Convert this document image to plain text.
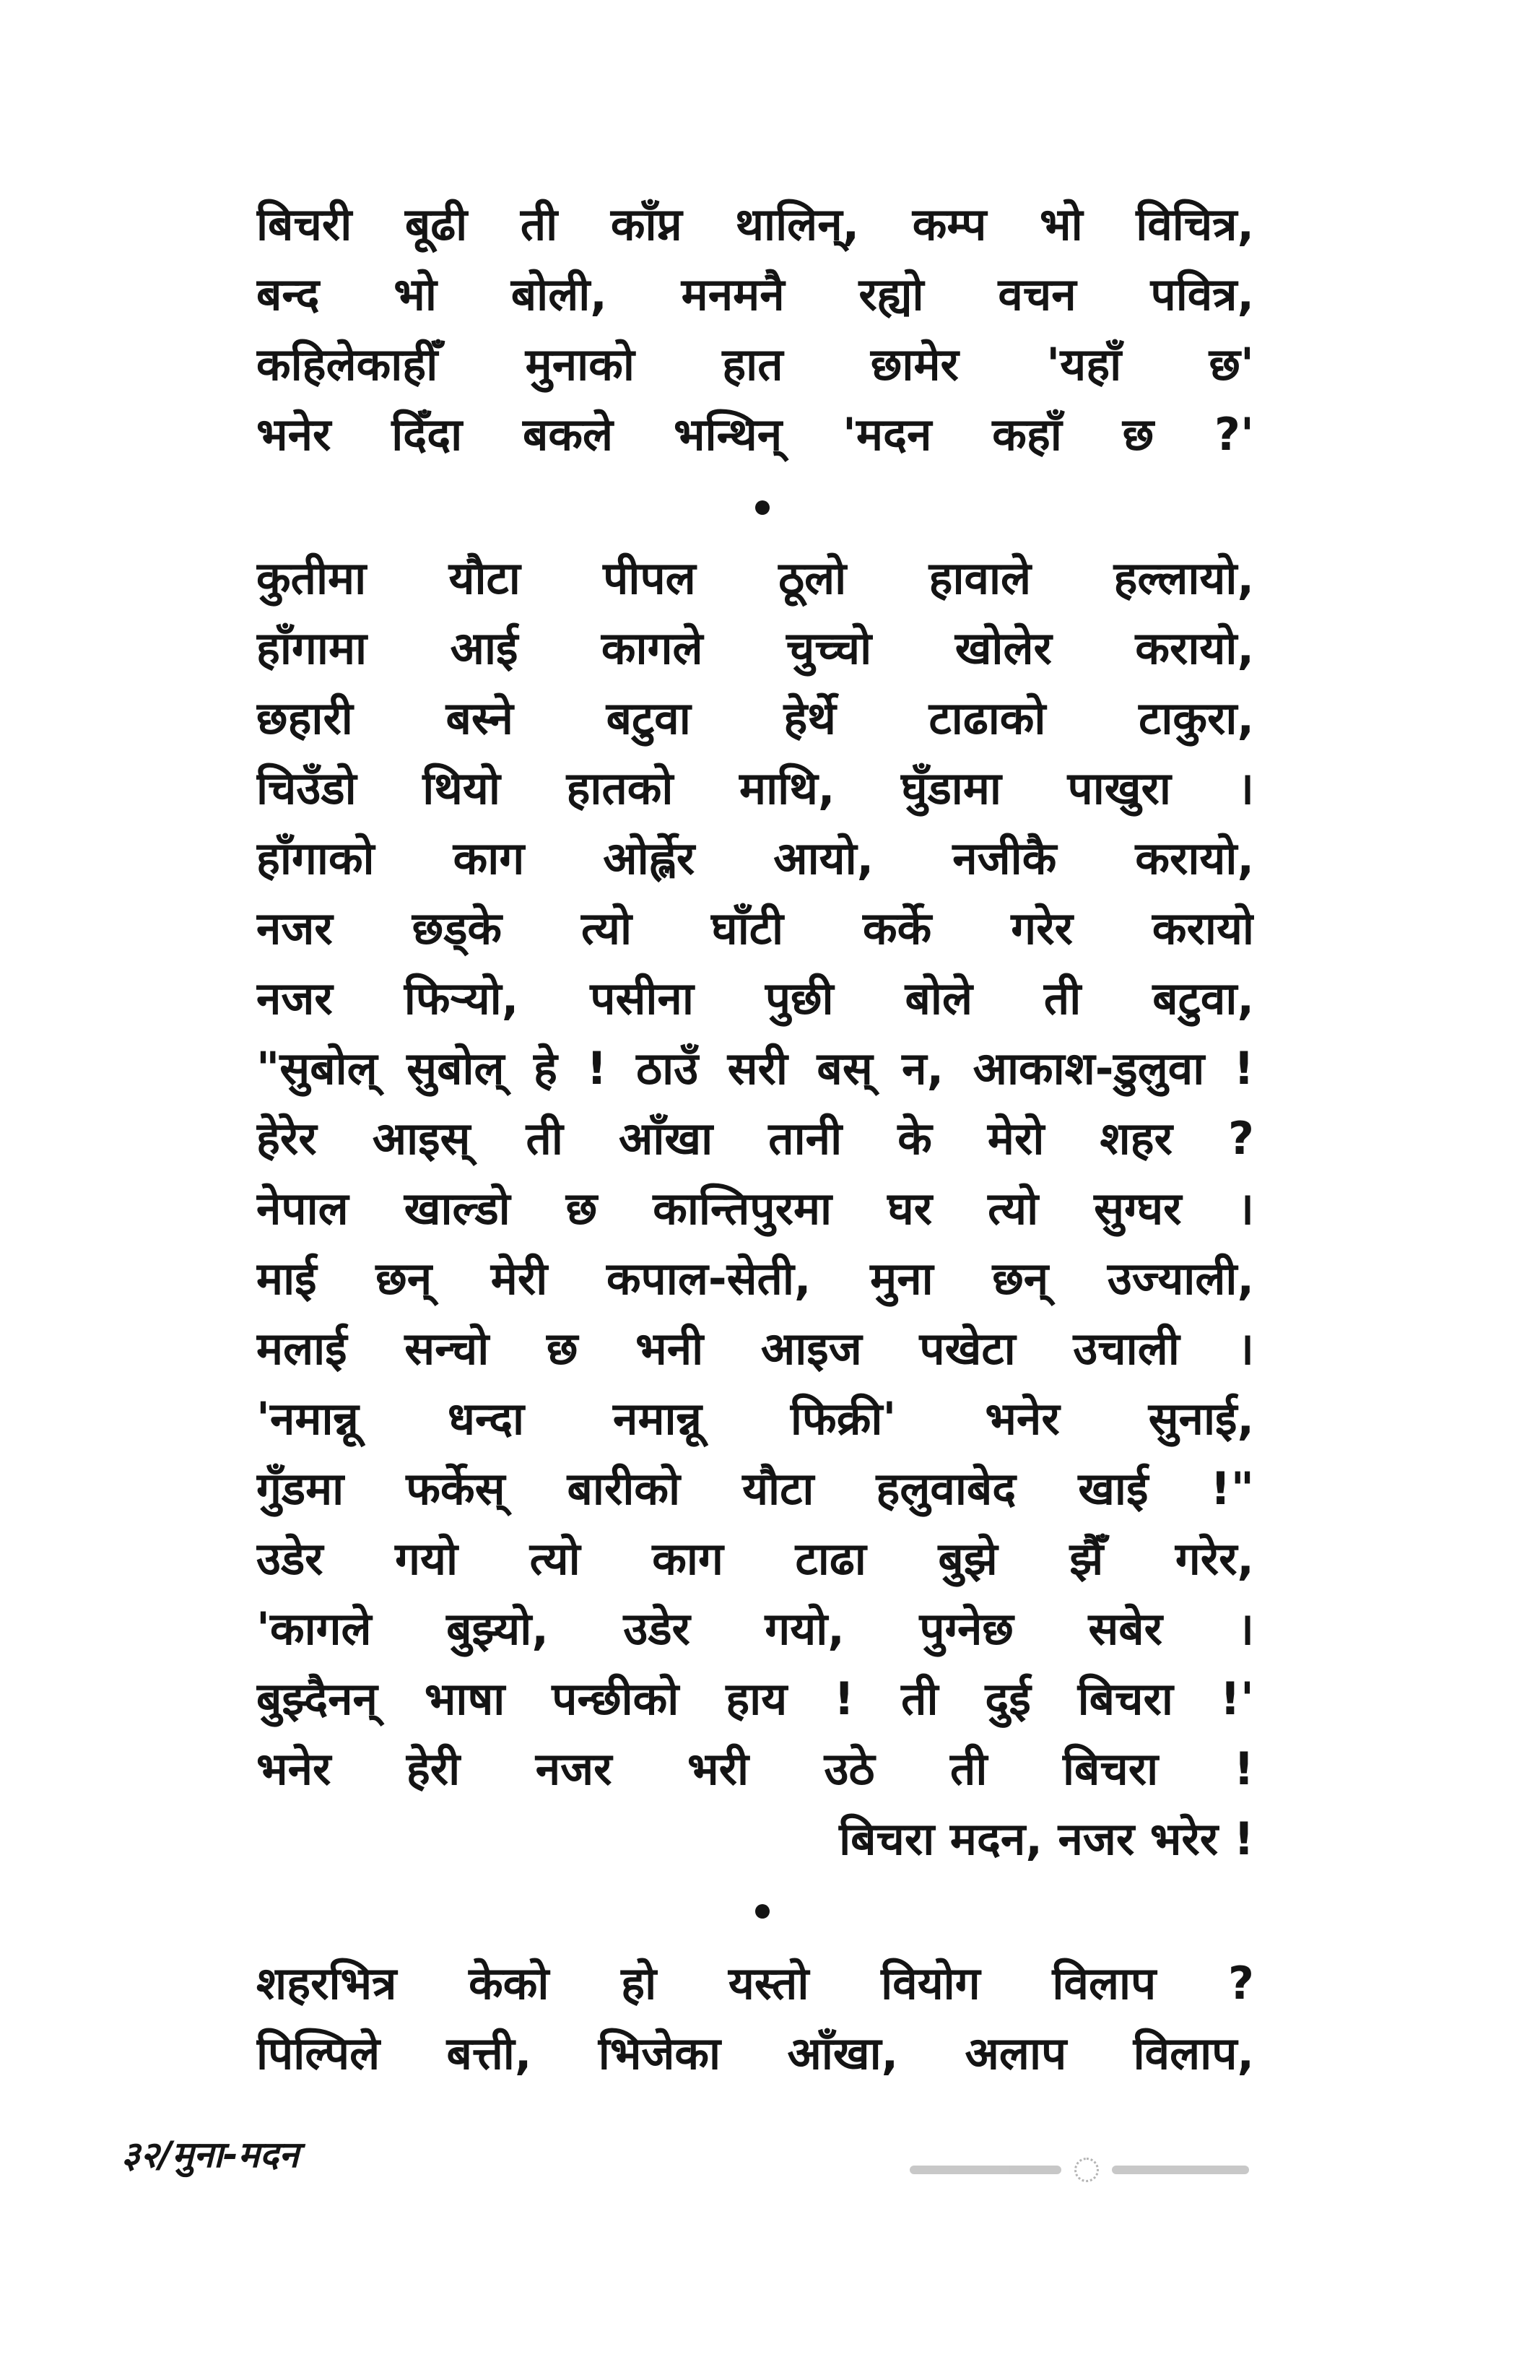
बिचरी बूढी ती काँप्न थालिन्, कम्प भो विचित्र,
बन्द भो बोली, मनमनै रह्यो वचन पवित्र,
कहिलेकाहीँ मुनाको हात छामेर 'यहाँ छ'
भनेर दिँदा बकले भन्थिन् 'मदन कहाँ छ ?'
कुतीमा यौटा पीपल ठूलो हावाले हल्लायो,
हाँगामा आई कागले चुच्चो खोलेर करायो,
छहारी बस्ने बटुवा हेर्थे टाढाको टाकुरा,
चिउँडो थियो हातको माथि, घुँडामा पाखुरा ।
हाँगाको काग ओर्ह्लेर आयो, नजीकै करायो,
नजर छड्के त्यो घाँटी कर्के गरेर करायो
नजर फिऱ्यो, पसीना पुछी बोले ती बटुवा,
"सुबोल् सुबोल् हे ! ठाउँ सरी बस् न, आकाश-डुलुवा !
हेरेर आइस् ती आँखा तानी के मेरो शहर ?
नेपाल खाल्डो छ कान्तिपुरमा घर त्यो सुग्घर ।
माई छन् मेरी कपाल-सेती, मुना छन् उज्याली,
मलाई सन्चो छ भनी आइज पखेटा उचाली ।
'नमान्नू धन्दा नमान्नू फिक्री' भनेर सुनाई,
गुँडमा फर्केस् बारीको यौटा हलुवाबेद खाई !"
उडेर गयो त्यो काग टाढा बुझे झैँ गरेर,
'कागले बुझ्यो, उडेर गयो, पुग्नेछ सबेर ।
बुझ्दैनन् भाषा पन्छीको हाय ! ती दुई बिचरा !'
भनेर हेरी नजर भरी उठे ती बिचरा !
बिचरा मदन, नजर भरेर !
शहरभित्र केको हो यस्तो वियोग विलाप ?
पिल्पिले बत्ती, भिजेका आँखा, अलाप विलाप,
३२/मुना-मदन
